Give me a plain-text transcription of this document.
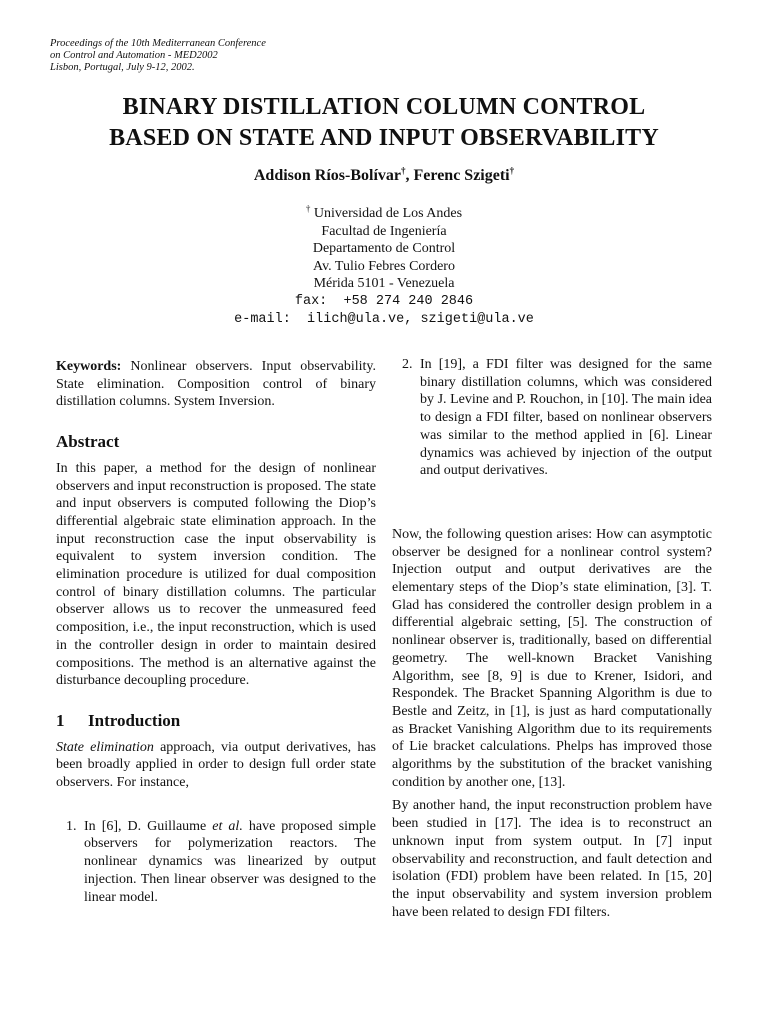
Proceedings of the 10th Mediterranean Conference
on Control and Automation - MED2002
Lisbon, Portugal, July 9-12, 2002.
BINARY DISTILLATION COLUMN CONTROL
BASED ON STATE AND INPUT OBSERVABILITY
Addison Ríos-Bolívar†, Ferenc Szigeti†
† Universidad de Los Andes
Facultad de Ingeniería
Departamento de Control
Av. Tulio Febres Cordero
Mérida 5101 - Venezuela
fax:  +58 274 240 2846
e-mail:  ilich@ula.ve, szigeti@ula.ve

Keywords: Nonlinear observers. Input observability. State elimination. Composition control of binary distillation columns. System Inversion.

Abstract

In this paper, a method for the design of nonlinear observers and input reconstruction is proposed. The state and input observers is computed following the Diop’s differential algebraic state elimination approach. In the input reconstruction case the input observability is equivalent to system inversion condition. The elimination procedure is utilized for dual composition control of binary distillation columns. The particular observer allows us to recover the unmeasured feed composition, i.e., the input reconstruction, which is used in the controller design in order to maintain desired compositions. The method is an alternative against the disturbance decoupling procedure.

1 Introduction

State elimination approach, via output derivatives, has been broadly applied in order to design full order state observers. For instance,

1. In [6], D. Guillaume et al. have proposed simple observers for polymerization reactors. The nonlinear dynamics was linearized by output injection. Then linear observer was designed to the linear model.
2. In [19], a FDI filter was designed for the same binary distillation columns, which was considered by J. Levine and P. Rouchon, in [10]. The main idea to design a FDI filter, based on nonlinear observers was similar to the method applied in [6]. Linear dynamics was achieved by injection of the output and output derivatives.

Now, the following question arises: How can asymptotic observer be designed for a nonlinear control system? Injection output and output derivatives are the elementary steps of the Diop’s state elimination, [3]. T. Glad has considered the controller design problem in a differential algebraic setting, [5]. The construction of nonlinear observer is, traditionally, based on differential geometry. The well-known Bracket Vanishing Algorithm, see [8, 9] is due to Krener, Isidori, and Respondek. The Bracket Spanning Algorithm is due to Bestle and Zeitz, in [1], is just as hard computationally as Bracket Vanishing Algorithm due to its requirements of Lie bracket calculations. Phelps has improved those algorithms by the substitution of the bracket vanishing condition by another one, [13].

By another hand, the input reconstruction problem have been studied in [17]. The idea is to reconstruct an unknown input from system output. In [7] input observability and reconstruction, and fault detection and isolation (FDI) problem have been related. In [15, 20] the input observability and system inversion problem have been related to design FDI filters.
